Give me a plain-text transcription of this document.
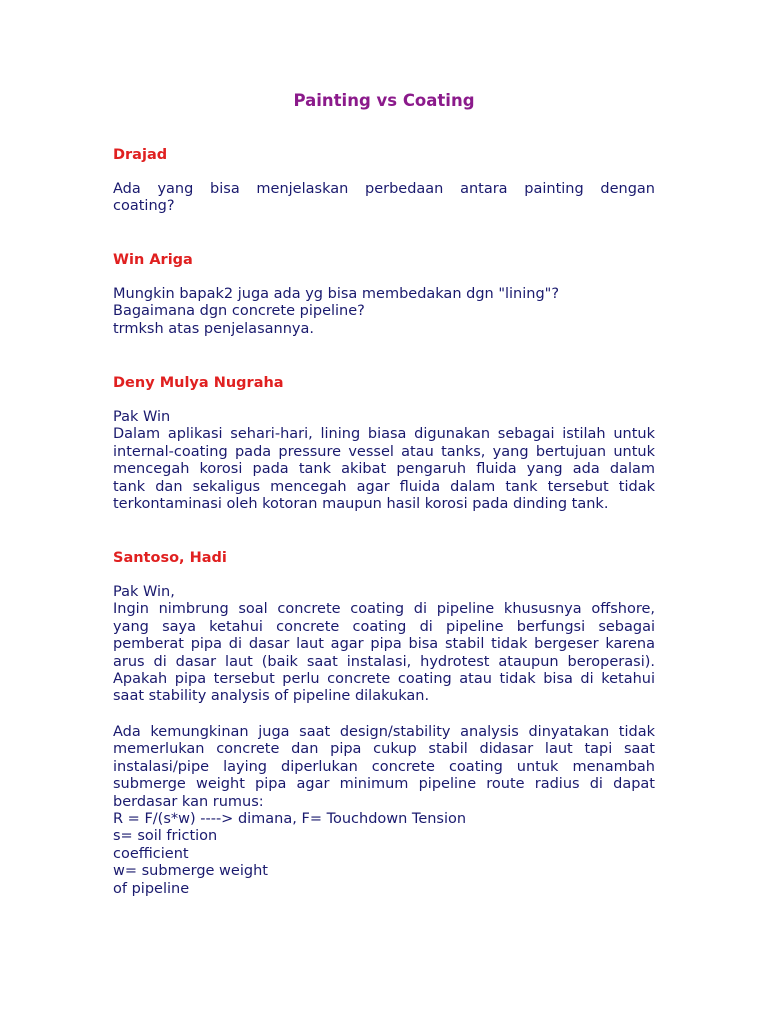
Painting vs Coating
Drajad
Ada yang bisa menjelaskan perbedaan antara painting dengan
coating?
Win Ariga
Mungkin bapak2 juga ada yg bisa membedakan dgn "lining"?
Bagaimana dgn concrete pipeline?
trmksh atas penjelasannya.
Deny Mulya Nugraha
Pak Win
Dalam aplikasi sehari-hari, lining biasa digunakan sebagai istilah untuk
internal-coating pada pressure vessel atau tanks, yang bertujuan untuk
mencegah korosi pada tank akibat pengaruh fluida yang ada dalam
tank dan sekaligus mencegah agar fluida dalam tank tersebut tidak
terkontaminasi oleh kotoran maupun hasil korosi pada dinding tank.
Santoso, Hadi
Pak Win,
Ingin nimbrung soal concrete coating di pipeline khususnya offshore,
yang saya ketahui concrete coating di pipeline berfungsi sebagai
pemberat pipa di dasar laut agar pipa bisa stabil tidak bergeser karena
arus di dasar laut (baik saat instalasi, hydrotest ataupun beroperasi).
Apakah pipa tersebut perlu concrete coating atau tidak bisa di ketahui
saat stability analysis of pipeline dilakukan.
Ada kemungkinan juga saat design/stability analysis dinyatakan tidak
memerlukan concrete dan pipa cukup stabil didasar laut tapi saat
instalasi/pipe laying diperlukan concrete coating untuk menambah
submerge weight pipa agar minimum pipeline route radius di dapat
berdasar kan rumus:
R = F/(s*w) ----> dimana, F= Touchdown Tension
s= soil friction
coefficient
w= submerge weight
of pipeline
